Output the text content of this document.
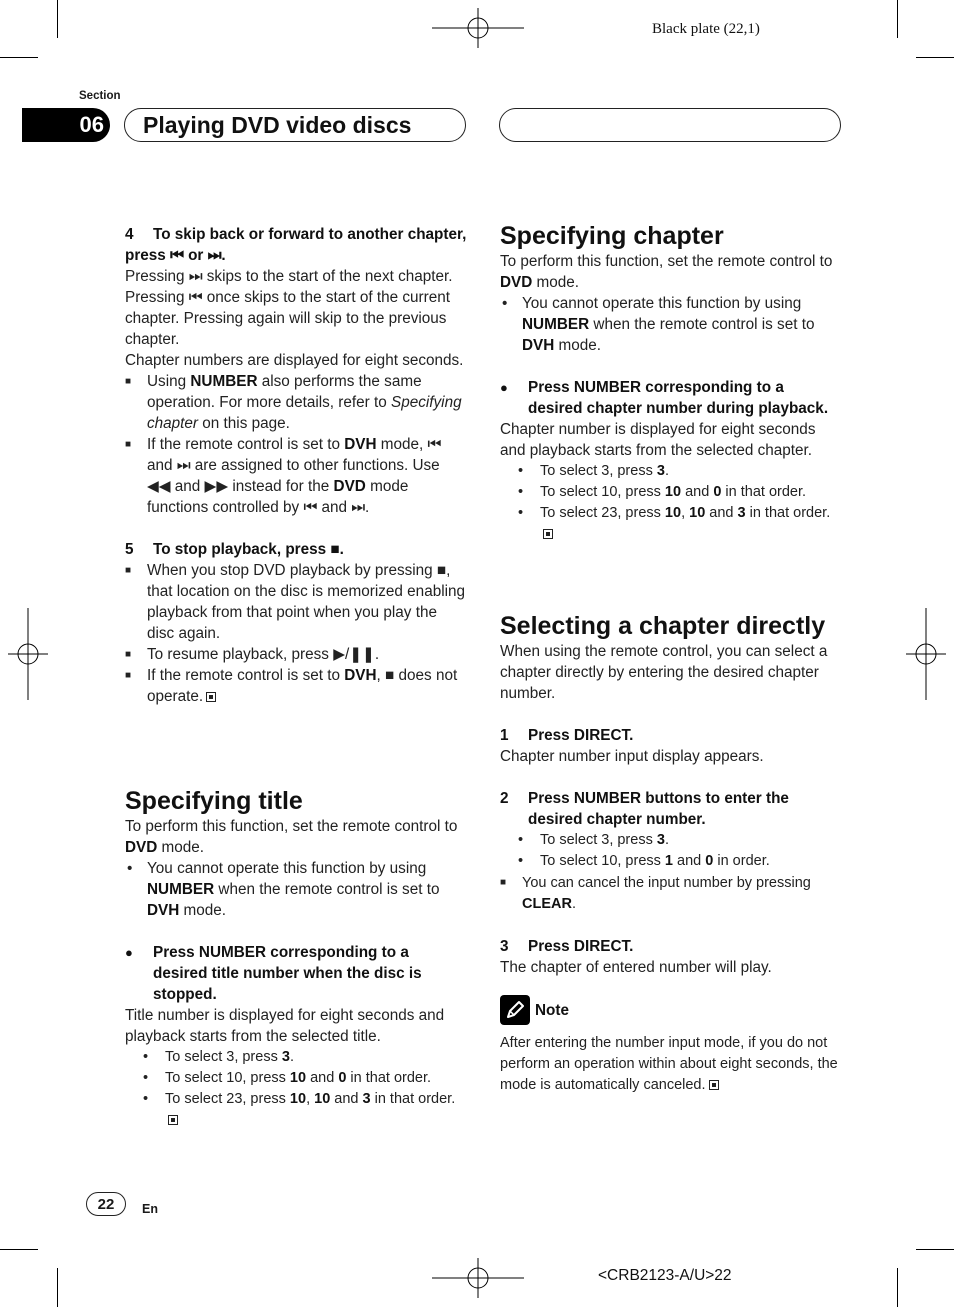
Black plate (22,1)
Section
06	Playing DVD video discs

4 To skip back or forward to another chapter, press ⏮ or ⏭.

Pressing ⏭ skips to the start of the next chapter. Pressing ⏮ once skips to the start of the current chapter. Pressing again will skip to the previous chapter.

Chapter numbers are displayed for eight seconds.

■ Using NUMBER also performs the same operation. For more details, refer to Specifying chapter on this page.

■ If the remote control is set to DVH mode, ⏮ and ⏭ are assigned to other functions. Use ◀◀ and ▶▶ instead for the DVD mode functions controlled by ⏮ and ⏭.

5 To stop playback, press ■.

■ When you stop DVD playback by pressing ■, that location on the disc is memorized enabling playback from that point when you play the disc again.

■ To resume playback, press ▶/❚❚.

■ If the remote control is set to DVH, ■ does not operate.

Specifying title

To perform this function, set the remote control to DVD mode.

• You cannot operate this function by using NUMBER when the remote control is set to DVH mode.

● Press NUMBER corresponding to a desired title number when the disc is stopped.

Title number is displayed for eight seconds and playback starts from the selected title.

• To select 3, press 3.

• To select 10, press 10 and 0 in that order.

• To select 23, press 10, 10 and 3 in that order.

Specifying chapter

To perform this function, set the remote control to DVD mode.

• You cannot operate this function by using NUMBER when the remote control is set to DVH mode.

● Press NUMBER corresponding to a desired chapter number during playback.

Chapter number is displayed for eight seconds and playback starts from the selected chapter.

• To select 3, press 3.

• To select 10, press 10 and 0 in that order.

• To select 23, press 10, 10 and 3 in that order.

Selecting a chapter directly

When using the remote control, you can select a chapter directly by entering the desired chapter number.

1 Press DIRECT.

Chapter number input display appears.

2 Press NUMBER buttons to enter the desired chapter number.

• To select 3, press 3.

• To select 10, press 1 and 0 in order.

■ You can cancel the input number by pressing CLEAR.

3 Press DIRECT.

The chapter of entered number will play.

Note

After entering the number input mode, if you do not perform an operation within about eight seconds, the mode is automatically canceled.

22	En
<CRB2123-A/U>22
